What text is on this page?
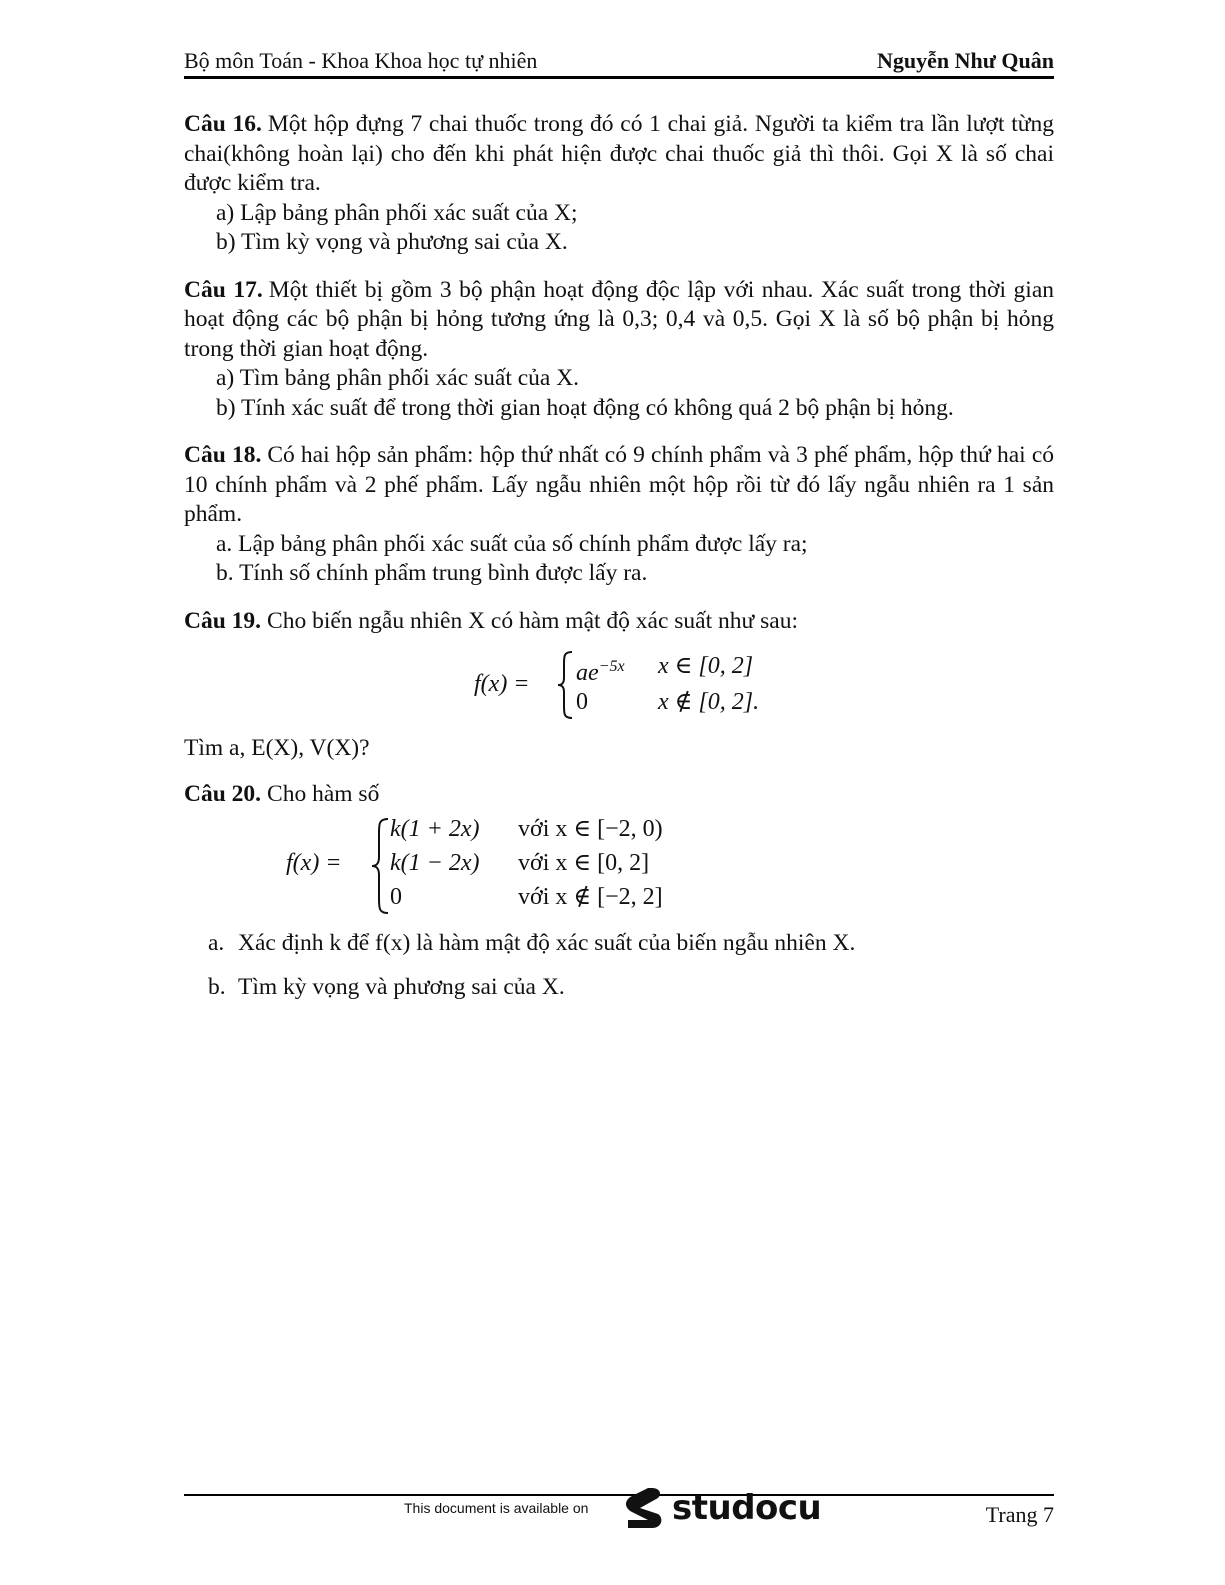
Bộ môn Toán - Khoa Khoa học tự nhiên	Nguyễn Như Quân
Câu 16. Một hộp đựng 7 chai thuốc trong đó có 1 chai giả. Người ta kiểm tra lần lượt từng chai(không hoàn lại) cho đến khi phát hiện được chai thuốc giả thì thôi. Gọi X là số chai được kiểm tra.
a) Lập bảng phân phối xác suất của X;
b) Tìm kỳ vọng và phương sai của X.
Câu 17. Một thiết bị gồm 3 bộ phận hoạt động độc lập với nhau. Xác suất trong thời gian hoạt động các bộ phận bị hỏng tương ứng là 0,3; 0,4 và 0,5. Gọi X là số bộ phận bị hỏng trong thời gian hoạt động.
a) Tìm bảng phân phối xác suất của X.
b) Tính xác suất để trong thời gian hoạt động có không quá 2 bộ phận bị hỏng.
Câu 18. Có hai hộp sản phẩm: hộp thứ nhất có 9 chính phẩm và 3 phế phẩm, hộp thứ hai có 10 chính phẩm và 2 phế phẩm. Lấy ngẫu nhiên một hộp rồi từ đó lấy ngẫu nhiên ra 1 sản phẩm.
a. Lập bảng phân phối xác suất của số chính phẩm được lấy ra;
b. Tính số chính phẩm trung bình được lấy ra.
Câu 19. Cho biến ngẫu nhiên X có hàm mật độ xác suất như sau:
$f(x) = ae^{-5x}$ x ∈ [0, 2]
0	x ∉ [0, 2].
Tìm a, E(X), V(X)?
Câu 20. Cho hàm số
f(x) =
k(1 + 2x) với x ∈ [−2, 0)
k(1 − 2x) với x ∈ [0, 2]
0	với x ∉ [−2, 2]
a. Xác định k để f(x) là hàm mật độ xác suất của biến ngẫu nhiên X.
b. Tìm kỳ vọng và phương sai của X.
This document is available on studocu	Trang 7
